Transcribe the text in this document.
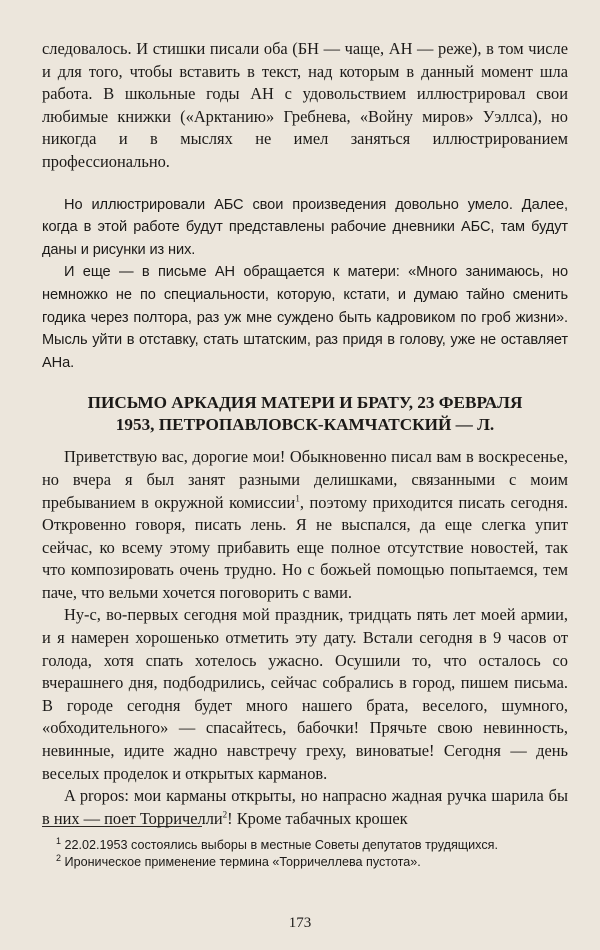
следовалось. И стишки писали оба (БН — чаще, АН — реже), в том числе и для того, чтобы вставить в текст, над которым в данный момент шла работа. В школьные годы АН с удовольствием иллюстрировал свои любимые книжки («Арктанию» Гребнева, «Войну миров» Уэллса), но никогда и в мыслях не имел заняться иллюстрированием профессионально.

Но иллюстрировали АБС свои произведения довольно умело. Далее, когда в этой работе будут представлены рабочие дневники АБС, там будут даны и рисунки из них.

И еще — в письме АН обращается к матери: «Много занимаюсь, но немножко не по специальности, которую, кстати, и думаю тайно сменить годика через полтора, раз уж мне суждено быть кадровиком по гроб жизни». Мысль уйти в отставку, стать штатским, раз придя в голову, уже не оставляет АНа.

ПИСЬМО АРКАДИЯ МАТЕРИ И БРАТУ, 23 ФЕВРАЛЯ
1953, ПЕТРОПАВЛОВСК-КАМЧАТСКИЙ — Л.

Приветствую вас, дорогие мои! Обыкновенно писал вам в воскресенье, но вчера я был занят разными делишками, связанными с моим пребыванием в окружной комиссии$^1$, поэтому приходится писать сегодня. Откровенно говоря, писать лень. Я не выспался, да еще слегка упит сейчас, ко всему этому прибавить еще полное отсутствие новостей, так что композировать очень трудно. Но с божьей помощью попытаемся, тем паче, что вельми хочется поговорить с вами.

Ну-с, во-первых сегодня мой праздник, тридцать пять лет моей армии, и я намерен хорошенько отметить эту дату. Встали сегодня в 9 часов от голода, хотя спать хотелось ужасно. Осушили то, что осталось со вчерашнего дня, подбодрились, сейчас собрались в город, пишем письма. В городе сегодня будет много нашего брата, веселого, шумного, «обходительного» — спасайтесь, бабочки! Прячьте свою невинность, невинные, идите жадно навстречу греху, виноватые! Сегодня — день веселых проделок и открытых карманов.

A propos: мои карманы открыты, но напрасно жадная ручка шарила бы в них — поет Торричелли$^2$! Кроме табачных крошек

$^1$ 22.02.1953 состоялись выборы в местные Советы депутатов трудящихся.

$^2$ Ироническое применение термина «Торричеллева пустота».

173
